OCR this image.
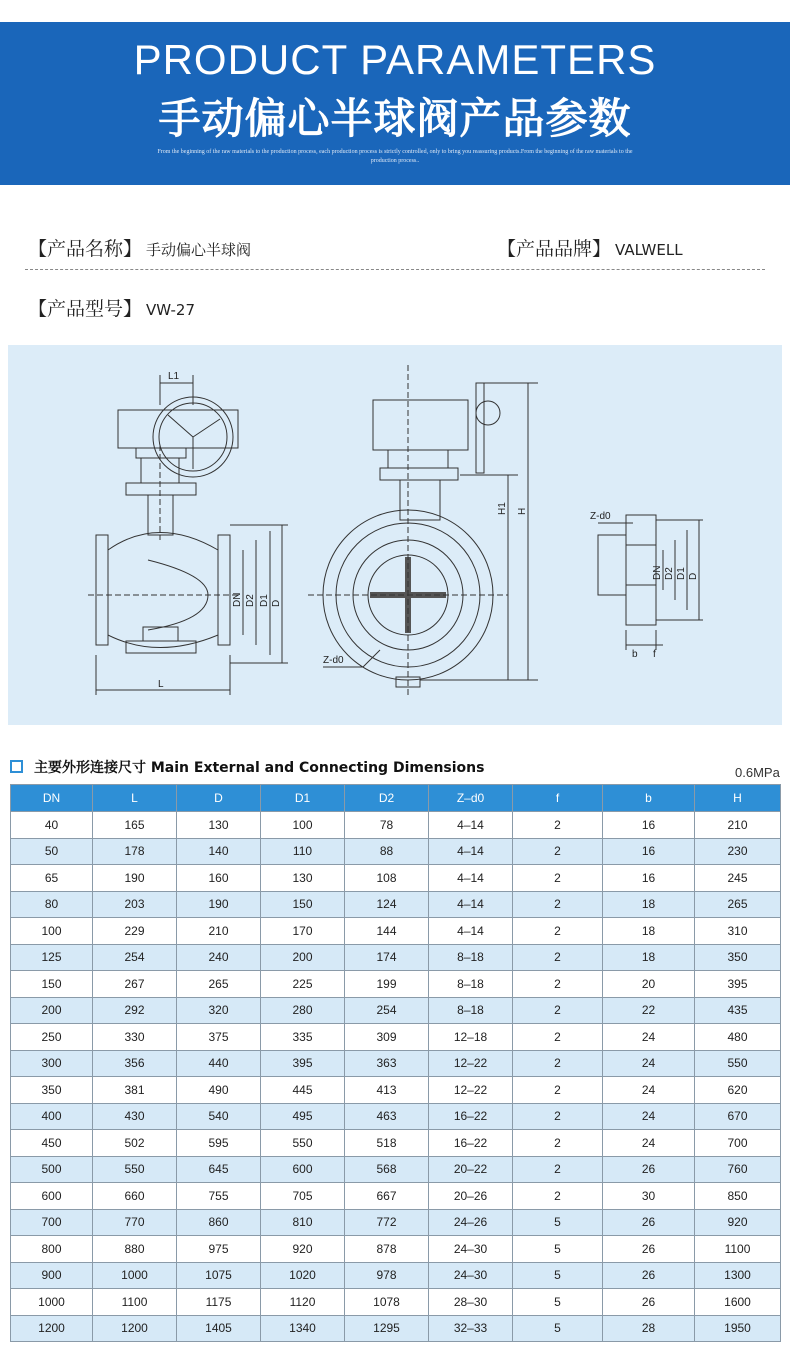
PRODUCT PARAMETERS
手动偏心半球阀产品参数
From the beginning of the raw materials to the production process, each production process is strictly controlled, only to bring you reassuring products.From the beginning of the raw materials to the production process..
【产品名称】 手动偏心半球阀	【产品品牌】 VALWELL
【产品型号】 VW-27
L1
L
DN D2 D1 D
H1 H
Z-d0
Z-d0
DN D2 D1 D
b f
主要外形连接尺寸 Main External and Connecting Dimensions	0.6MPa
DN	L	D	D1	D2	Z–d0	f	b	H
40	165	130	100	78	4–14	2	16	210
50	178	140	110	88	4–14	2	16	230
65	190	160	130	108	4–14	2	16	245
80	203	190	150	124	4–14	2	18	265
100	229	210	170	144	4–14	2	18	310
125	254	240	200	174	8–18	2	18	350
150	267	265	225	199	8–18	2	20	395
200	292	320	280	254	8–18	2	22	435
250	330	375	335	309	12–18	2	24	480
300	356	440	395	363	12–22	2	24	550
350	381	490	445	413	12–22	2	24	620
400	430	540	495	463	16–22	2	24	670
450	502	595	550	518	16–22	2	24	700
500	550	645	600	568	20–22	2	26	760
600	660	755	705	667	20–26	2	30	850
700	770	860	810	772	24–26	5	26	920
800	880	975	920	878	24–30	5	26	1100
900	1000	1075	1020	978	24–30	5	26	1300
1000	1100	1175	1120	1078	28–30	5	26	1600
1200	1200	1405	1340	1295	32–33	5	28	1950
